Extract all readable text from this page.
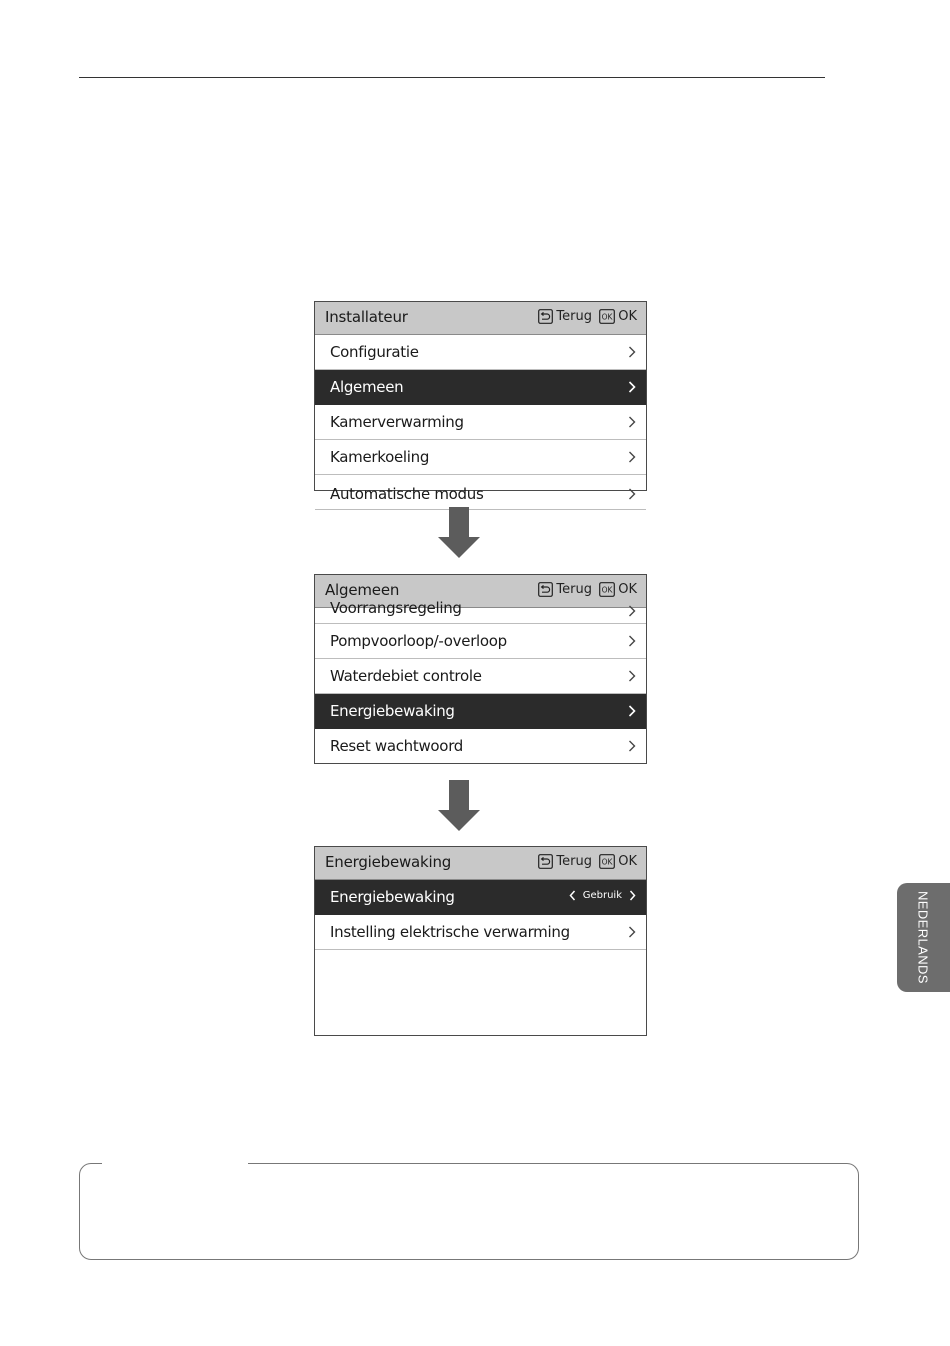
Installateur	Terug OK OK
Configuratie
Algemeen
Kamerverwarming
Kamerkoeling
Automatische modus
Algemeen	Terug OK OK
Voorrangsregeling
Pompvoorloop/-overloop
Waterdebiet controle
Energiebewaking
Reset wachtwoord
Energiebewaking	Terug OK OK
Energiebewaking	Gebruik
Instelling elektrische verwarming	NEDERLANDS
